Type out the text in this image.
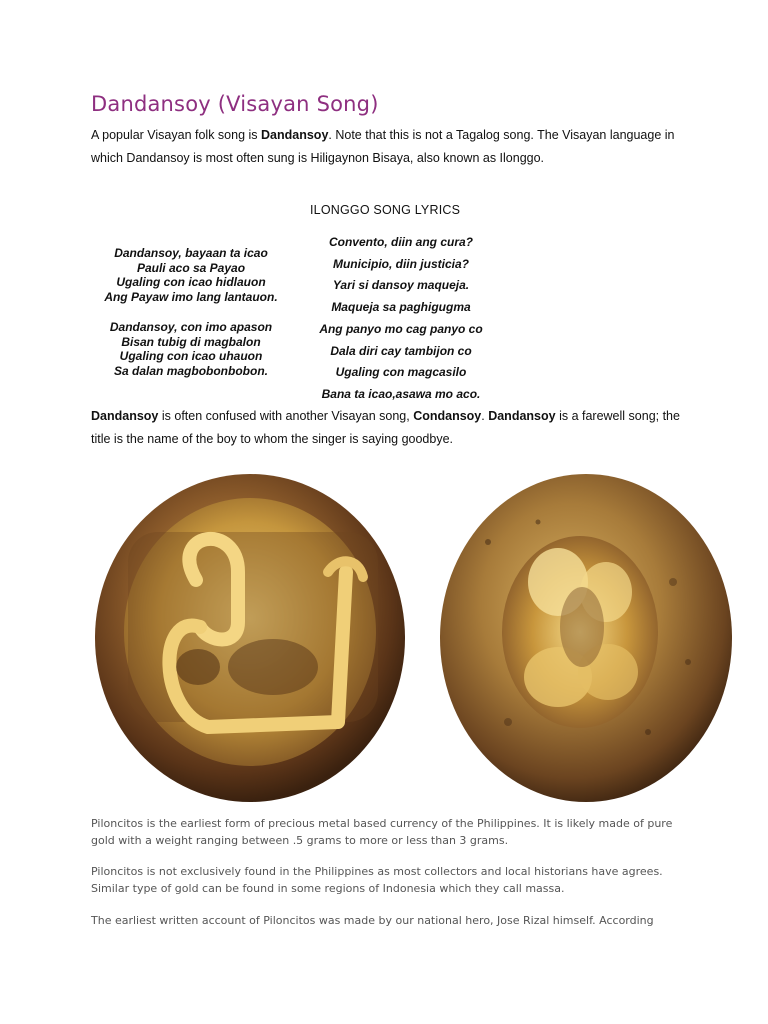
Dandansoy (Visayan Song)
A popular Visayan folk song is Dandansoy. Note that this is not a Tagalog song. The Visayan language in which Dandansoy is most often sung is Hiligaynon Bisaya, also known as Ilonggo.
ILONGGO SONG LYRICS
Dandansoy, bayaan ta icao
Pauli aco sa Payao
Ugaling con icao hidlauon
Ang Payaw imo lang lantauon.
Dandansoy, con imo apason
Bisan tubig di magbalon
Ugaling con icao uhauon
Sa dalan magbobonbobon.
Convento, diin ang cura?
Municipio, diin justicia?
Yari si dansoy maqueja.
Maqueja sa paghigugma
Ang panyo mo cag panyo co
Dala diri cay tambijon co
Ugaling con magcasilo
Bana ta icao,asawa mo aco.
Dandansoy is often confused with another Visayan song, Condansoy. Dandansoy is a farewell song; the title is the name of the boy to whom the singer is saying goodbye.
Piloncitos is the earliest form of precious metal based currency of the Philippines. It is likely made of pure gold with a weight ranging between .5 grams to more or less than 3 grams.
Piloncitos is not exclusively found in the Philippines as most collectors and local historians have agrees. Similar type of gold can be found in some regions of Indonesia which they call massa.
The earliest written account of Piloncitos was made by our national hero, Jose Rizal himself. According
